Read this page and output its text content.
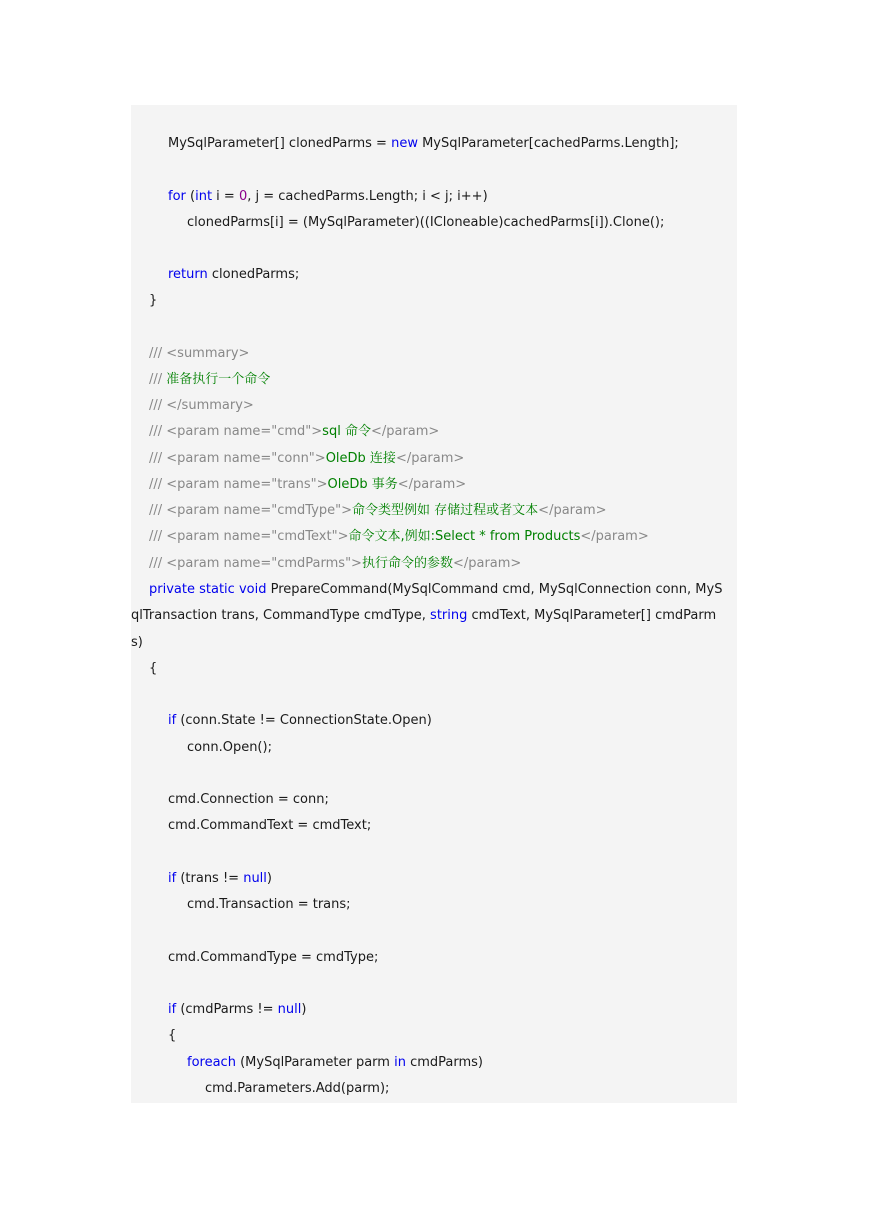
MySqlParameter[] clonedParms = new MySqlParameter[cachedParms.Length];
for (int i = 0, j = cachedParms.Length; i < j; i++)
clonedParms[i] = (MySqlParameter)((ICloneable)cachedParms[i]).Clone();
return clonedParms;
}
/// <summary>
/// 准备执行一个命令
/// </summary>
/// <param name="cmd">sql 命令</param>
/// <param name="conn">OleDb 连接</param>
/// <param name="trans">OleDb 事务</param>
/// <param name="cmdType">命令类型例如 存储过程或者文本</param>
/// <param name="cmdText">命令文本,例如:Select * from Products</param>
/// <param name="cmdParms">执行命令的参数</param>
private static void PrepareCommand(MySqlCommand cmd, MySqlConnection conn, MyS
qlTransaction trans, CommandType cmdType, string cmdText, MySqlParameter[] cmdParm
s)
{
if (conn.State != ConnectionState.Open)
conn.Open();
cmd.Connection = conn;
cmd.CommandText = cmdText;
if (trans != null)
cmd.Transaction = trans;
cmd.CommandType = cmdType;
if (cmdParms != null)
{
foreach (MySqlParameter parm in cmdParms)
cmd.Parameters.Add(parm);
